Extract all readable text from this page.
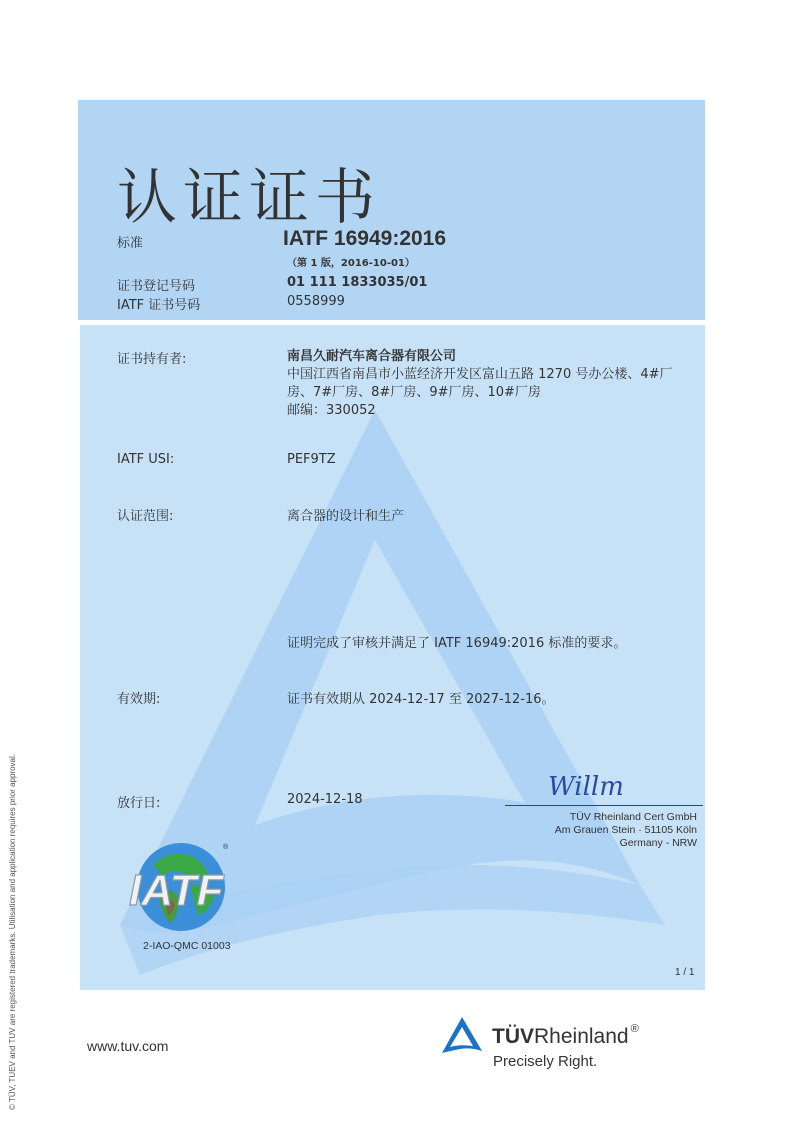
认证证书
标准	IATF 16949:2016
（第 1 版，2016-10-01）
证书登记号码	01 111 1833035/01
IATF 证书号码	0558999
证书持有者:	南昌久耐汽车离合器有限公司
中国江西省南昌市小蓝经济开发区富山五路 1270 号办公楼、4#厂
房、7#厂房、8#厂房、9#厂房、10#厂房
邮编：330052
IATF USI:	PEF9TZ
认证范围:	离合器的设计和生产
证明完成了审核并满足了 IATF 16949:2016 标准的要求。
有效期:	证书有效期从 2024-12-17 至 2027-12-16。
放行日:	2024-12-18	Willm
TÜV Rheinland Cert GmbH
Am Grauen Stein · 51105 Köln
Germany - NRW
IATF
®
2-IAO-QMC 01003
1 / 1
www.tuv.com	TÜVRheinland ®
Precisely Right.
© TÜV, TUEV and TUV are registered trademarks. Utilisation and application requires prior approval.
